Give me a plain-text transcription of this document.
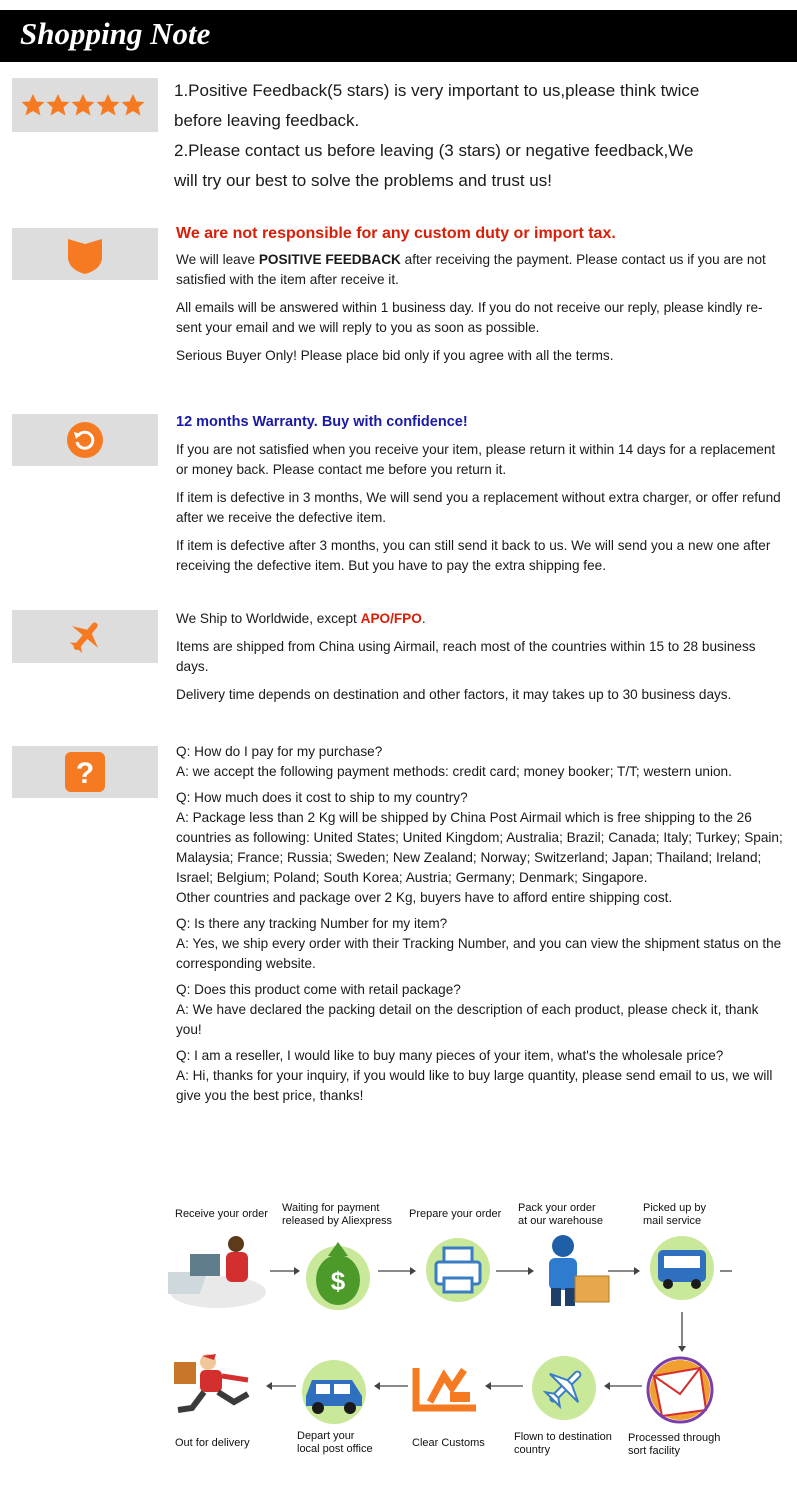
Shopping Note
1.Positive Feedback(5 stars) is very important to us,please think twice
before leaving feedback.
2.Please contact us before leaving (3 stars) or negative feedback,We
will try our best to solve the problems and trust us!

We are not responsible for any custom duty or import tax.

We will leave POSITIVE FEEDBACK after receiving the payment. Please contact us if you are not satisfied with the item after receive it.

All emails will be answered within 1 business day. If you do not receive our reply, please kindly re-sent your email and we will reply to you as soon as possible.

Serious Buyer Only! Please place bid only if you agree with all the terms.

12 months Warranty. Buy with confidence!

If you are not satisfied when you receive your item, please return it within 14 days for a replacement or money back. Please contact me before you return it.

If item is defective in 3 months, We will send you a replacement without extra charger, or offer refund after we receive the defective item.

If item is defective after 3 months, you can still send it back to us. We will send you a new one after receiving the defective item. But you have to pay the extra shipping fee.

We Ship to Worldwide, except APO/FPO.

Items are shipped from China using Airmail, reach most of the countries within 15 to 28 business days.

Delivery time depends on destination and other factors, it may takes up to 30 business days.

?

Q: How do I pay for my purchase?
A: we accept the following payment methods: credit card; money booker; T/T; western union.

Q: How much does it cost to ship to my country?
A: Package less than 2 Kg will be shipped by China Post Airmail which is free shipping to the 26 countries as following: United States; United Kingdom; Australia; Brazil; Canada; Italy; Turkey; Spain; Malaysia; France; Russia; Sweden; New Zealand; Norway; Switzerland; Japan; Thailand; Ireland; Israel; Belgium; Poland; South Korea; Austria; Germany; Denmark; Singapore.
Other countries and package over 2 Kg, buyers have to afford entire shipping cost.

Q: Is there any tracking Number for my item?
A: Yes, we ship every order with their Tracking Number, and you can view the shipment status on the corresponding website.

Q: Does this product come with retail package?
A: We have declared the packing detail on the description of each product, please check it, thank you!

Q: I am a reseller, I would like to buy many pieces of your item, what's the wholesale price?
A: Hi, thanks for your inquiry, if you would like to buy large quantity, please send email to us, we will give you the best price, thanks!

Receive your order Waiting for payment
released by Aliexpress
Prepare your order Pack your order
at our warehouse
Picked up by
mail service
$
Out for delivery
Depart your
local post office	Clear Customs	Flown to destination
country
Processed through
sort facility
